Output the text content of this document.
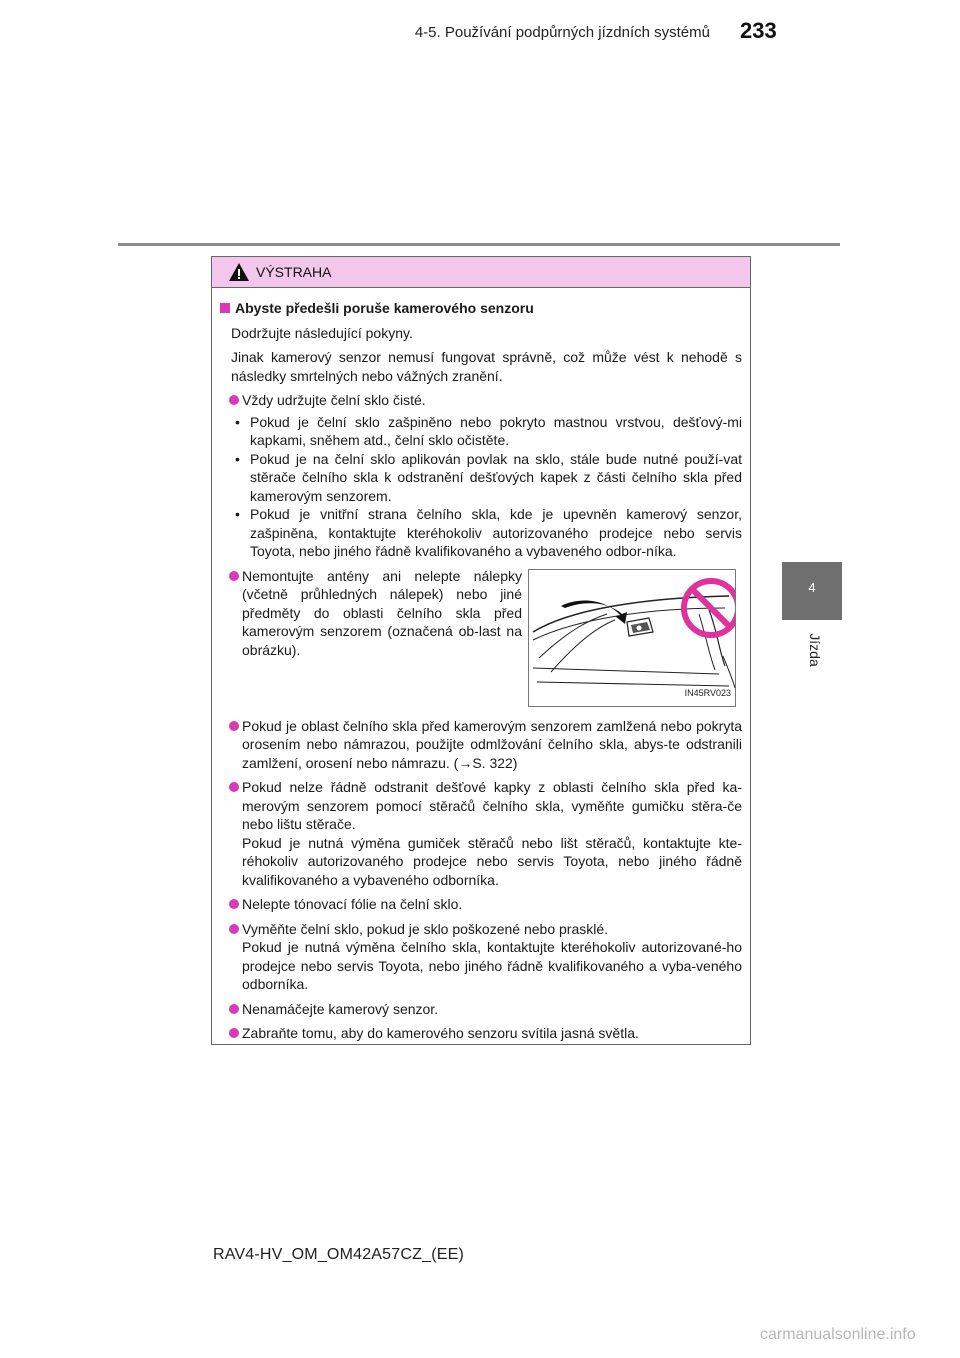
4-5. Používání podpůrných jízdních systémů 233
4
Jízda
VÝSTRAHA
Abyste předešli poruše kamerového senzoru
Dodržujte následující pokyny.
Jinak kamerový senzor nemusí fungovat správně, což může vést k nehodě s následky smrtelných nebo vážných zranění.
Vždy udržujte čelní sklo čisté.
• Pokud je čelní sklo zašpiněno nebo pokryto mastnou vrstvou, dešťový-mi kapkami, sněhem atd., čelní sklo očistěte.
• Pokud je na čelní sklo aplikován povlak na sklo, stále bude nutné použí-vat stěrače čelního skla k odstranění dešťových kapek z části čelního skla před kamerovým senzorem.
• Pokud je vnitřní strana čelního skla, kde je upevněn kamerový senzor, zašpiněna, kontaktujte kteréhokoliv autorizovaného prodejce nebo servis Toyota, nebo jiného řádně kvalifikovaného a vybaveného odbor-níka.
Nemontujte antény ani nelepte nálepky (včetně průhledných nálepek) nebo jiné předměty do oblasti čelního skla před kamerovým senzorem (označená ob-last na obrázku).
IN45RV023
Pokud je oblast čelního skla před kamerovým senzorem zamlžená nebo pokryta orosením nebo námrazou, použijte odmlžování čelního skla, abys-te odstranili zamlžení, orosení nebo námrazu. (→S. 322)
Pokud nelze řádně odstranit dešťové kapky z oblasti čelního skla před ka-merovým senzorem pomocí stěračů čelního skla, vyměňte gumičku stěra-če nebo lištu stěrače.
Pokud je nutná výměna gumiček stěračů nebo lišt stěračů, kontaktujte kte-réhokoliv autorizovaného prodejce nebo servis Toyota, nebo jiného řádně kvalifikovaného a vybaveného odborníka.
Nelepte tónovací fólie na čelní sklo.
Vyměňte čelní sklo, pokud je sklo poškozené nebo prasklé.
Pokud je nutná výměna čelního skla, kontaktujte kteréhokoliv autorizované-ho prodejce nebo servis Toyota, nebo jiného řádně kvalifikovaného a vyba-veného odborníka.
Nenamáčejte kamerový senzor.
Zabraňte tomu, aby do kamerového senzoru svítila jasná světla.
RAV4-HV_OM_OM42A57CZ_(EE)
carmanualsonline.info
